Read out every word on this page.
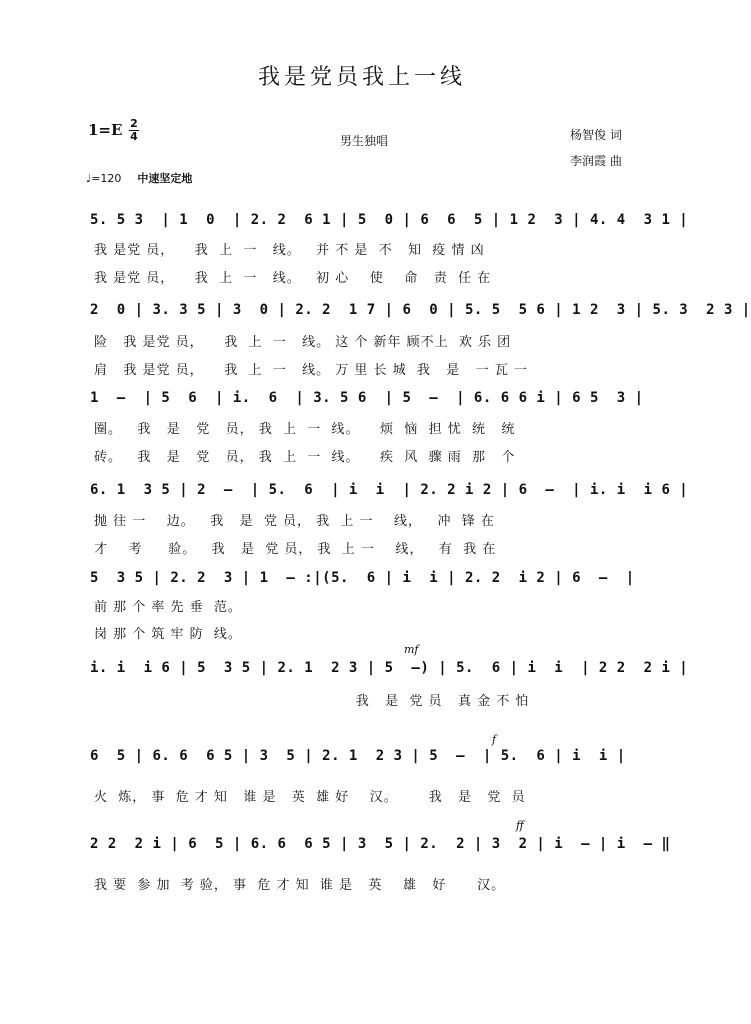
我是党员我上一线
1=E 2
4	男生独唱	杨智俊 词
李润霞 曲
♩=120 中速坚定地
5. 5 3  | 1  0  | 2. 2  6 1 | 5  0 | 6  6  5 | 1 2  3 | 4. 4  3 1 |
我 是党 员，    我  上  一   线。   并 不 是  不   知  疫 情 凶
我 是党 员，    我  上  一   线。   初 心    使    命   责  任 在
2  0 | 3. 3 5 | 3  0 | 2. 2  1 7 | 6  0 | 5. 5  5 6 | 1 2  3 | 5. 3  2 3 |
险   我 是党 员，    我  上  一   线。 这 个 新年 顾不上  欢 乐 团
肩   我 是党 员，    我  上  一   线。 万 里 长 城  我   是   一 瓦 一
1  –  | 5  6  | i.  6  | 3. 5 6  | 5  –  | 6. 6 6 i | 6 5  3 |
圈。   我   是   党   员， 我  上  一  线。    烦  恼  担 忧  统   统
砖。   我   是   党   员， 我  上  一  线。    疾  风  骤 雨  那   个
6. 1  3 5 | 2  –  | 5.  6  | i  i  | 2. 2 i 2 | 6  –  | i. i  i 6 |
抛 往 一    边。   我   是  党 员， 我  上 一    线，   冲  锋 在
才    考     验。   我   是  党 员， 我  上 一    线，   有  我 在
5  3 5 | 2. 2  3 | 1  – :|(5.  6 | i  i | 2. 2  i 2 | 6  –  |
前 那 个 率 先 垂  范。
岗 那 个 筑 牢 防  线。
mf
i. i  i 6 | 5  3 5 | 2. 1  2 3 | 5  –) | 5.  6 | i  i  | 2 2  2 i |
我   是  党 员   真 金 不 怕
f
6  5 | 6. 6  6 5 | 3  5 | 2. 1  2 3 | 5  –  | 5.  6 | i  i |
火  炼， 事  危 才 知   谁 是   英  雄 好    汉。      我   是   党  员
ff
2 2  2 i | 6  5 | 6. 6  6 5 | 3  5 | 2.  2 | 3  2 | i  – | i  – ‖
我 要  参 加  考 验， 事  危 才 知  谁 是   英    雄   好      汉。
